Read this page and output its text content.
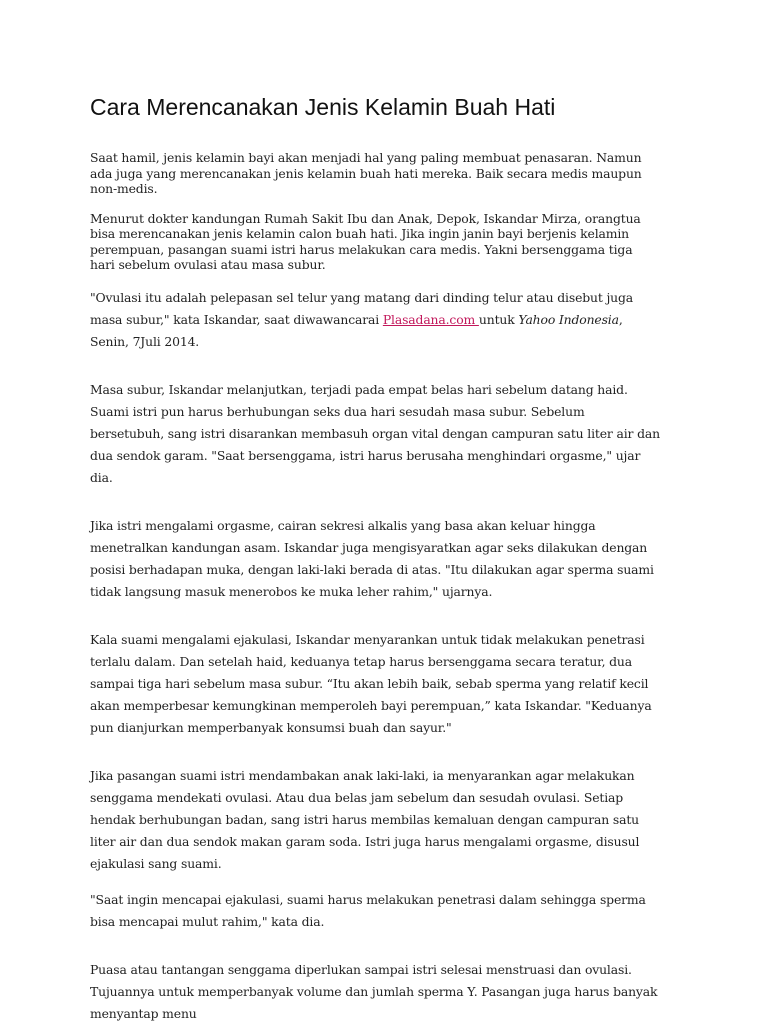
Cara Merencanakan Jenis Kelamin Buah Hati

Saat hamil, jenis kelamin bayi akan menjadi hal yang paling membuat penasaran. Namun ada juga yang merencanakan jenis kelamin buah hati mereka. Baik secara medis maupun non-medis.

Menurut dokter kandungan Rumah Sakit Ibu dan Anak, Depok, Iskandar Mirza, orangtua bisa merencanakan jenis kelamin calon buah hati. Jika ingin janin bayi berjenis kelamin perempuan, pasangan suami istri harus melakukan cara medis. Yakni bersenggama tiga hari sebelum ovulasi atau masa subur.

"Ovulasi itu adalah pelepasan sel telur yang matang dari dinding telur atau disebut juga masa subur," kata Iskandar, saat diwawancarai Plasadana.com untuk Yahoo Indonesia, Senin, 7Juli 2014.

Masa subur, Iskandar melanjutkan, terjadi pada empat belas hari sebelum datang haid. Suami istri pun harus berhubungan seks dua hari sesudah masa subur. Sebelum bersetubuh, sang istri disarankan membasuh organ vital dengan campuran satu liter air dan dua sendok garam. "Saat bersenggama, istri harus berusaha menghindari orgasme," ujar dia.

Jika istri mengalami orgasme, cairan sekresi alkalis yang basa akan keluar hingga menetralkan kandungan asam. Iskandar juga mengisyaratkan agar seks dilakukan dengan posisi berhadapan muka, dengan laki-laki berada di atas. "Itu dilakukan agar sperma suami tidak langsung masuk menerobos ke muka leher rahim," ujarnya.

Kala suami mengalami ejakulasi, Iskandar menyarankan untuk tidak melakukan penetrasi terlalu dalam. Dan setelah haid, keduanya tetap harus bersenggama secara teratur, dua sampai tiga hari sebelum masa subur. “Itu akan lebih baik, sebab sperma yang relatif kecil akan memperbesar kemungkinan memperoleh bayi perempuan,” kata Iskandar. "Keduanya pun dianjurkan memperbanyak konsumsi buah dan sayur."

Jika pasangan suami istri mendambakan anak laki-laki, ia menyarankan agar melakukan senggama mendekati ovulasi. Atau dua belas jam sebelum dan sesudah ovulasi. Setiap hendak berhubungan badan, sang istri harus membilas kemaluan dengan campuran satu liter air dan dua sendok makan garam soda. Istri juga harus mengalami orgasme, disusul ejakulasi sang suami.

"Saat ingin mencapai ejakulasi, suami harus melakukan penetrasi dalam sehingga sperma bisa mencapai mulut rahim," kata dia.

Puasa atau tantangan senggama diperlukan sampai istri selesai menstruasi dan ovulasi. Tujuannya untuk memperbanyak volume dan jumlah sperma Y. Pasangan juga harus banyak menyantap menu
